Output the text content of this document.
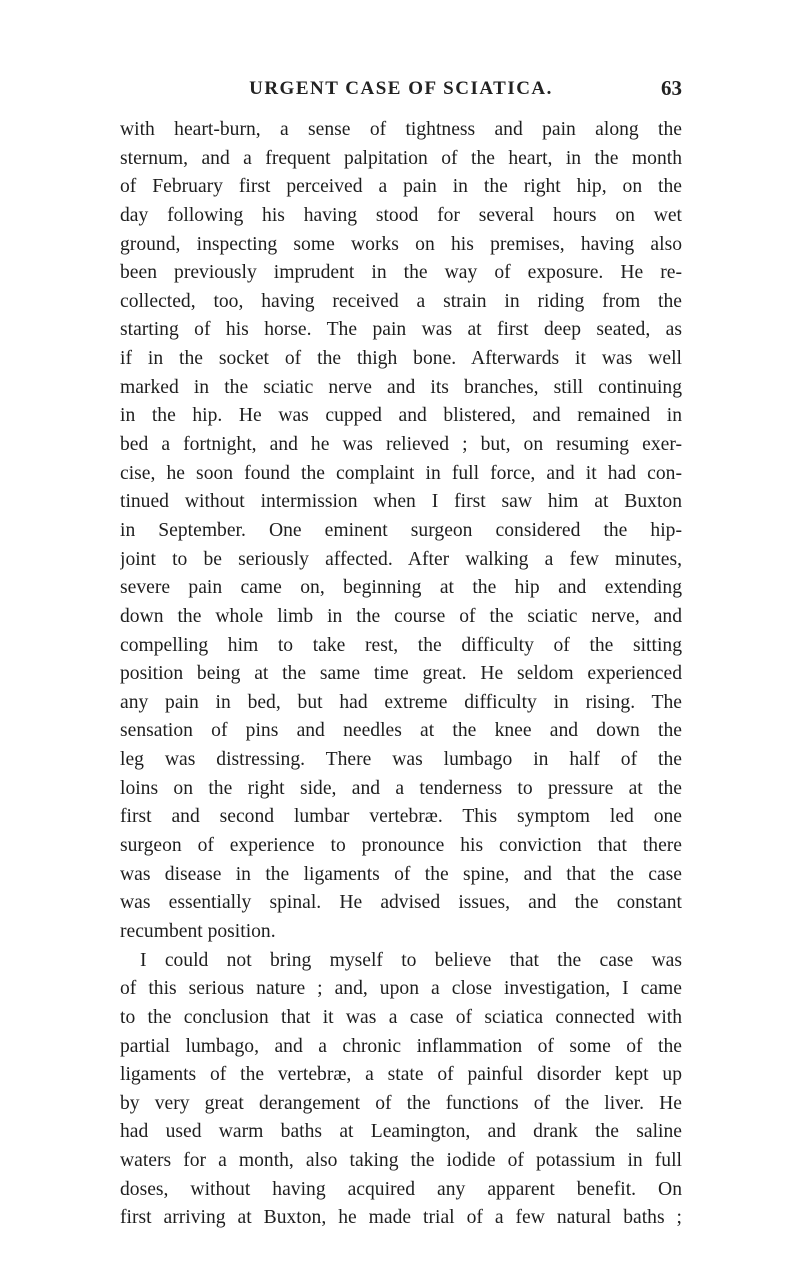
URGENT CASE OF SCIATICA.	63
with heart-burn, a sense of tightness and pain along the
sternum, and a frequent palpitation of the heart, in the month
of February first perceived a pain in the right hip, on the
day following his having stood for several hours on wet
ground, inspecting some works on his premises, having also
been previously imprudent in the way of exposure. He re-
collected, too, having received a strain in riding from the
starting of his horse. The pain was at first deep seated, as
if in the socket of the thigh bone. Afterwards it was well
marked in the sciatic nerve and its branches, still continuing
in the hip. He was cupped and blistered, and remained in
bed a fortnight, and he was relieved ; but, on resuming exer-
cise, he soon found the complaint in full force, and it had con-
tinued without intermission when I first saw him at Buxton
in September. One eminent surgeon considered the hip-
joint to be seriously affected. After walking a few minutes,
severe pain came on, beginning at the hip and extending
down the whole limb in the course of the sciatic nerve, and
compelling him to take rest, the difficulty of the sitting
position being at the same time great. He seldom experienced
any pain in bed, but had extreme difficulty in rising. The
sensation of pins and needles at the knee and down the
leg was distressing. There was lumbago in half of the
loins on the right side, and a tenderness to pressure at the
first and second lumbar vertebræ. This symptom led one
surgeon of experience to pronounce his conviction that there
was disease in the ligaments of the spine, and that the case
was essentially spinal. He advised issues, and the constant
recumbent position.
I could not bring myself to believe that the case was
of this serious nature ; and, upon a close investigation, I came
to the conclusion that it was a case of sciatica connected with
partial lumbago, and a chronic inflammation of some of the
ligaments of the vertebræ, a state of painful disorder kept up
by very great derangement of the functions of the liver. He
had used warm baths at Leamington, and drank the saline
waters for a month, also taking the iodide of potassium in full
doses, without having acquired any apparent benefit. On
first arriving at Buxton, he made trial of a few natural baths ;
